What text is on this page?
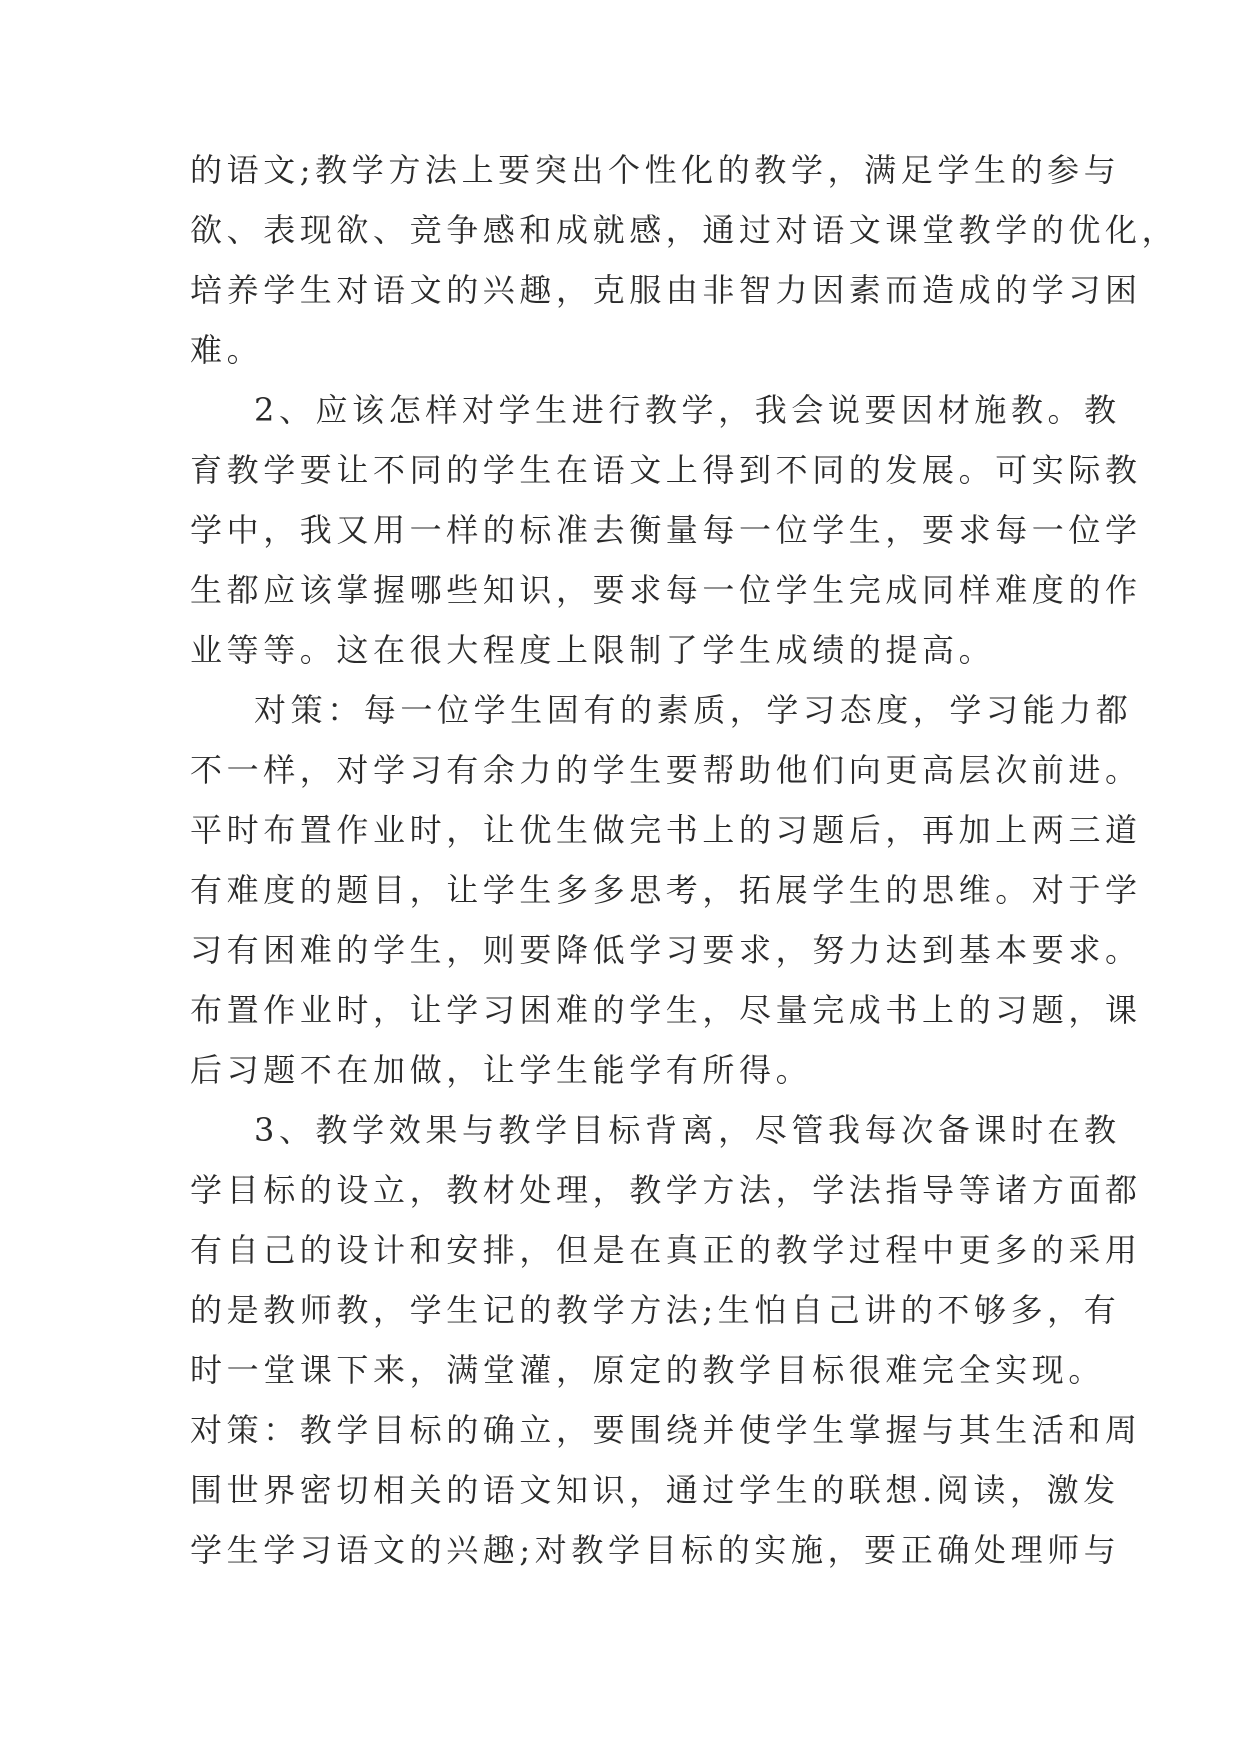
的语文;教学方法上要突出个性化的教学，满足学生的参与
欲、表现欲、竞争感和成就感，通过对语文课堂教学的优化，
培养学生对语文的兴趣，克服由非智力因素而造成的学习困
难。
2、应该怎样对学生进行教学，我会说要因材施教。教
育教学要让不同的学生在语文上得到不同的发展。可实际教
学中，我又用一样的标准去衡量每一位学生，要求每一位学
生都应该掌握哪些知识，要求每一位学生完成同样难度的作
业等等。这在很大程度上限制了学生成绩的提高。
对策：每一位学生固有的素质，学习态度，学习能力都
不一样，对学习有余力的学生要帮助他们向更高层次前进。
平时布置作业时，让优生做完书上的习题后，再加上两三道
有难度的题目，让学生多多思考，拓展学生的思维。对于学
习有困难的学生，则要降低学习要求，努力达到基本要求。
布置作业时，让学习困难的学生，尽量完成书上的习题，课
后习题不在加做，让学生能学有所得。
3、教学效果与教学目标背离，尽管我每次备课时在教
学目标的设立，教材处理，教学方法，学法指导等诸方面都
有自己的设计和安排，但是在真正的教学过程中更多的采用
的是教师教，学生记的教学方法;生怕自己讲的不够多，有
时一堂课下来，满堂灌，原定的教学目标很难完全实现。
对策：教学目标的确立，要围绕并使学生掌握与其生活和周
围世界密切相关的语文知识，通过学生的联想.阅读，激发
学生学习语文的兴趣;对教学目标的实施，要正确处理师与
